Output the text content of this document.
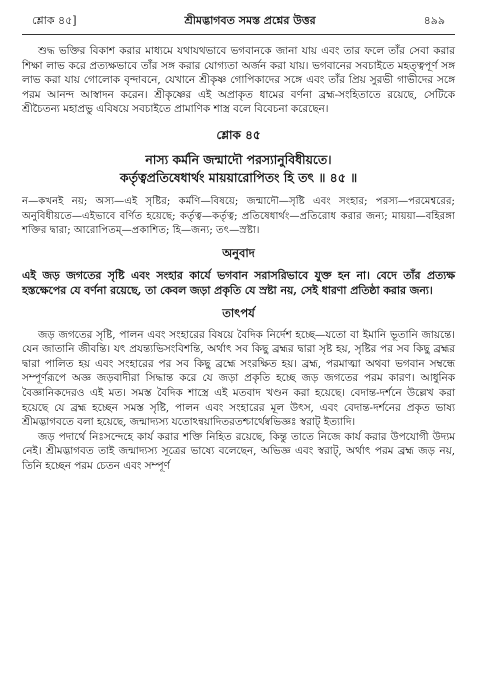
শ্লোক ৪৫]	শ্রীমদ্ভাগবত সমস্ত প্রশ্নের উত্তর	৪৯৯

শুদ্ধ ভক্তির বিকাশ করার মাধ্যমে যথাযথভাবে ভগবানকে জানা যায় এবং তার ফলে তাঁর সেবা করার শিক্ষা লাভ করে প্রত্যক্ষভাবে তাঁর সঙ্গ করার যোগ্যতা অর্জন করা যায়। ভগবানের সবচাইতে মহত্ত্বপূর্ণ সঙ্গ লাভ করা যায় গোলোক বৃন্দাবনে, যেখানে শ্রীকৃষ্ণ গোপিকাদের সঙ্গে এবং তাঁর প্রিয় সুরভী গাভীদের সঙ্গে পরম আনন্দ আস্বাদন করেন। শ্রীকৃষ্ণের এই অপ্রাকৃত ধামের বর্ণনা ব্রহ্ম-সংহিতাতে রয়েছে, সেটিকে শ্রীচৈতন্য মহাপ্রভু এবিষয়ে সবচাইতে প্রামাণিক শাস্ত্র বলে বিবেচনা করেছেন।

শ্লোক ৪৫
নাস্য কর্মনি জন্মাদৌ পরস্যানুবিধীয়তে।
কর্তৃত্বপ্রতিষেধার্থং মায়য়ারোপিতং হি তৎ ॥ ৪৫ ॥

ন—কখনই নয়; অস্য—এই সৃষ্টির; কর্মণি—বিষয়ে; জন্মাদৌ—সৃষ্টি এবং সংহার; পরস্য—পরমেশ্বরের; অনুবিধীয়তে—এইভাবে বর্ণিত হয়েছে; কর্তৃত্ব—কর্তৃত্ব; প্রতিষেধার্থং—প্রতিরোধ করার জন্য; মায়য়া—বহিরঙ্গা শক্তির দ্বারা; আরোপিতম্—প্রকাশিত; হি—জন্য; তৎ—স্রষ্টা।

অনুবাদ

এই জড় জগতের সৃষ্টি এবং সংহার কার্যে ভগবান সরাসরিভাবে যুক্ত হন না। বেদে তাঁর প্রত্যক্ষ হস্তক্ষেপের যে বর্ণনা রয়েছে, তা কেবল জড়া প্রকৃতি যে স্রষ্টা নয়, সেই ধারণা প্রতিষ্ঠা করার জন্য।

তাৎপর্য

জড় জগতের সৃষ্টি, পালন এবং সংহারের বিষয়ে বৈদিক নির্দেশ হচ্ছে—যতো বা ইমানি ভূতানি জায়ন্তে। যেন জাতানি জীবন্তি। যৎ প্রযন্ত্যভিসংবিশন্তি, অর্থাৎ সব কিছু ব্রহ্মর দ্বারা সৃষ্ট হয়, সৃষ্টির পর সব কিছু ব্রহ্মর দ্বারা পালিত হয় এবং সংহারের পর সব কিছু ব্রহ্মে সংরক্ষিত হয়। ব্রহ্ম, পরমাত্মা অথবা ভগবান সম্বন্ধে সম্পূর্ণরূপে অজ্ঞ জড়বাদীরা সিদ্ধান্ত করে যে জড়া প্রকৃতি হচ্ছে জড় জগতের পরম কারণ। আধুনিক বৈজ্ঞানিকদেরও এই মত। সমস্ত বৈদিক শাস্ত্রে এই মতবাদ খণ্ডন করা হয়েছে। বেদান্ত-দর্শনে উল্লেখ করা হয়েছে যে ব্রহ্ম হচ্ছেন সমস্ত সৃষ্টি, পালন এবং সংহারের মূল উৎস, এবং বেদান্ত-দর্শনের প্রকৃত ভাষ্য শ্রীমদ্ভাগবতে বলা হয়েছে, জন্মাদ্যস্য যতোঽন্বয়াদিতরতশ্চার্থেষ্বভিজ্ঞঃ স্বরাট্ ইত্যাদি।

জড় পদার্থে নিঃসন্দেহে কার্য করার শক্তি নিহিত রয়েছে, কিন্তু তাতে নিজে কার্য করার উপযোগী উদ্যম নেই। শ্রীমদ্ভাগবত তাই জন্মাদ্যস্য সূত্রের ভাষ্যে বলেছেন, অভিজ্ঞ এবং স্বরাট্, অর্থাৎ পরম ব্রহ্ম জড় নয়, তিনি হচ্ছেন পরম চেতন এবং সম্পূর্ণ
